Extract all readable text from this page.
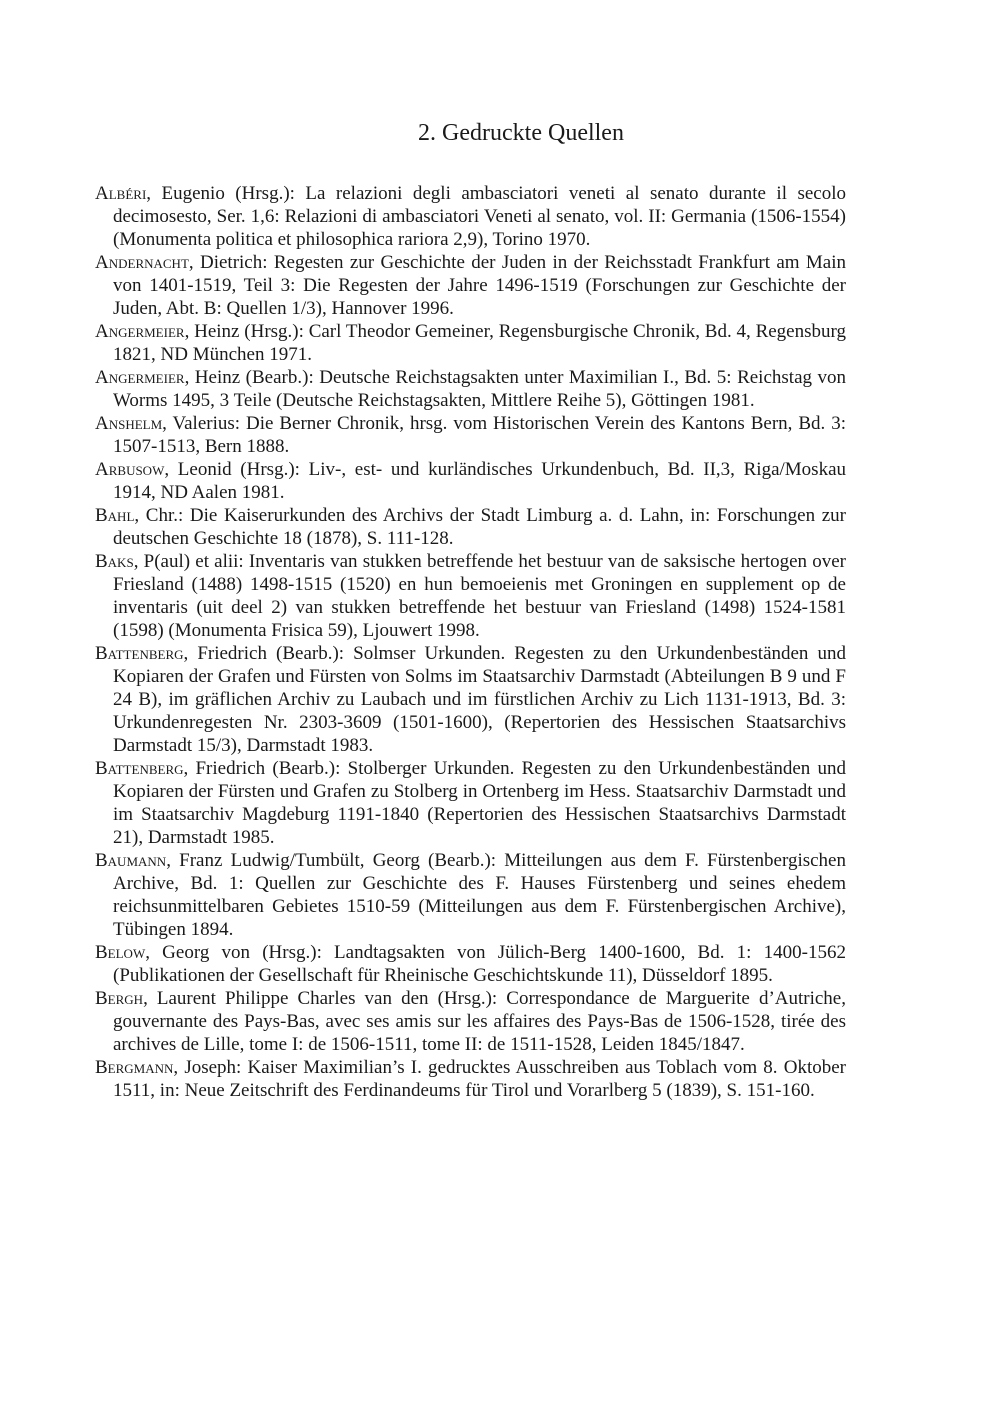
2. Gedruckte Quellen

Albéri, Eugenio (Hrsg.): La relazioni degli ambasciatori veneti al senato durante il secolo decimosesto, Ser. 1,6: Relazioni di ambasciatori Veneti al senato, vol. II: Germania (1506-1554) (Monumenta politica et philosophica rariora 2,9), Torino 1970.

Andernacht, Dietrich: Regesten zur Geschichte der Juden in der Reichsstadt Frankfurt am Main von 1401-1519, Teil 3: Die Regesten der Jahre 1496-1519 (Forschungen zur Geschichte der Juden, Abt. B: Quellen 1/3), Hannover 1996.

Angermeier, Heinz (Hrsg.): Carl Theodor Gemeiner, Regensburgische Chronik, Bd. 4, Regensburg 1821, ND München 1971.

Angermeier, Heinz (Bearb.): Deutsche Reichstagsakten unter Maximilian I., Bd. 5: Reichstag von Worms 1495, 3 Teile (Deutsche Reichstagsakten, Mittlere Reihe 5), Göttingen 1981.

Anshelm, Valerius: Die Berner Chronik, hrsg. vom Historischen Verein des Kantons Bern, Bd. 3: 1507-1513, Bern 1888.

Arbusow, Leonid (Hrsg.): Liv-, est- und kurländisches Urkundenbuch, Bd. II,3, Riga/Moskau 1914, ND Aalen 1981.

Bahl, Chr.: Die Kaiserurkunden des Archivs der Stadt Limburg a. d. Lahn, in: Forschungen zur deutschen Geschichte 18 (1878), S. 111-128.

Baks, P(aul) et alii: Inventaris van stukken betreffende het bestuur van de saksische hertogen over Friesland (1488) 1498-1515 (1520) en hun bemoeienis met Groningen en supplement op de inventaris (uit deel 2) van stukken betreffende het bestuur van Friesland (1498) 1524-1581 (1598) (Monumenta Frisica 59), Ljouwert 1998.

Battenberg, Friedrich (Bearb.): Solmser Urkunden. Regesten zu den Urkundenbeständen und Kopiaren der Grafen und Fürsten von Solms im Staatsarchiv Darmstadt (Abteilungen B 9 und F 24 B), im gräflichen Archiv zu Laubach und im fürstlichen Archiv zu Lich 1131-1913, Bd. 3: Urkundenregesten Nr. 2303-3609 (1501-1600), (Repertorien des Hessischen Staatsarchivs Darmstadt 15/3), Darmstadt 1983.

Battenberg, Friedrich (Bearb.): Stolberger Urkunden. Regesten zu den Urkundenbeständen und Kopiaren der Fürsten und Grafen zu Stolberg in Ortenberg im Hess. Staatsarchiv Darmstadt und im Staatsarchiv Magdeburg 1191-1840 (Repertorien des Hessischen Staatsarchivs Darmstadt 21), Darmstadt 1985.

Baumann, Franz Ludwig/Tumbült, Georg (Bearb.): Mitteilungen aus dem F. Fürstenbergischen Archive, Bd. 1: Quellen zur Geschichte des F. Hauses Fürstenberg und seines ehedem reichsunmittelbaren Gebietes 1510-59 (Mitteilungen aus dem F. Fürstenbergischen Archive), Tübingen 1894.

Below, Georg von (Hrsg.): Landtagsakten von Jülich-Berg 1400-1600, Bd. 1: 1400-1562 (Publikationen der Gesellschaft für Rheinische Geschichtskunde 11), Düsseldorf 1895.

Bergh, Laurent Philippe Charles van den (Hrsg.): Correspondance de Marguerite d’Autriche, gouvernante des Pays-Bas, avec ses amis sur les affaires des Pays-Bas de 1506-1528, tirée des archives de Lille, tome I: de 1506-1511, tome II: de 1511-1528, Leiden 1845/1847.

Bergmann, Joseph: Kaiser Maximilian’s I. gedrucktes Ausschreiben aus Toblach vom 8. Oktober 1511, in: Neue Zeitschrift des Ferdinandeums für Tirol und Vorarlberg 5 (1839), S. 151-160.
